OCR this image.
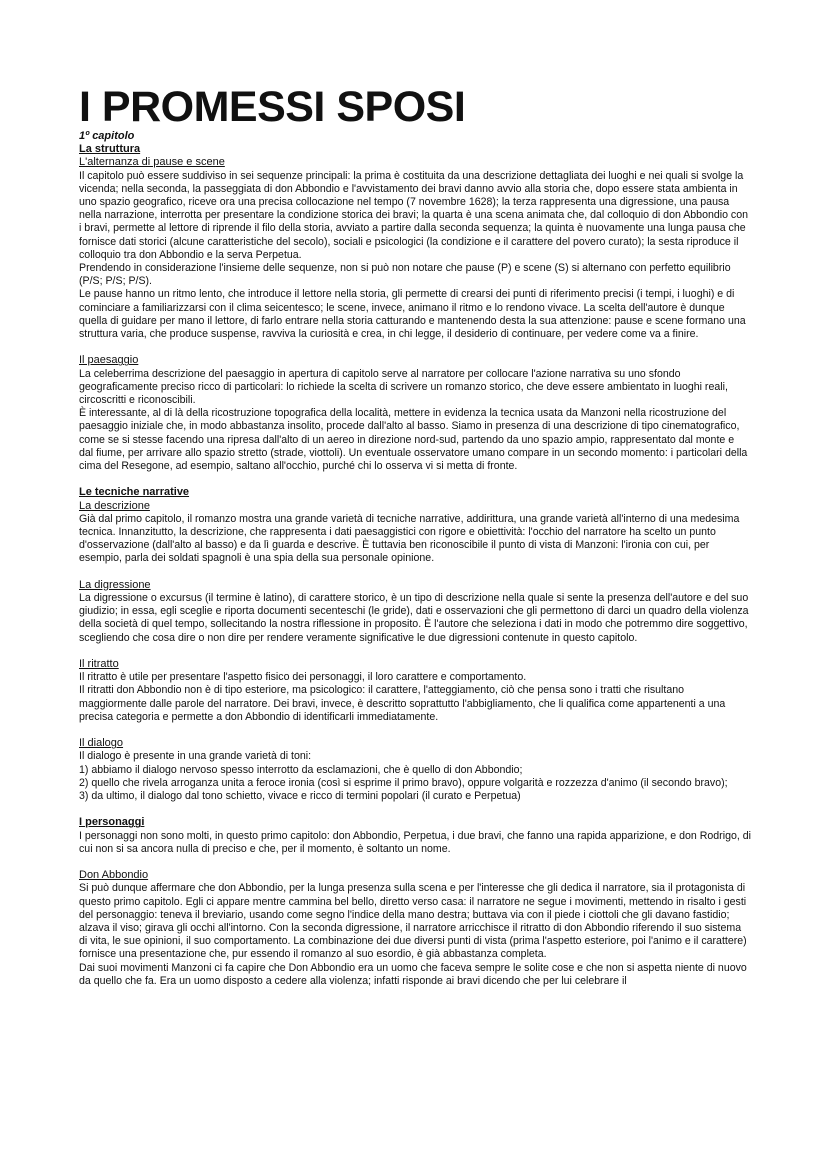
I PROMESSI SPOSI
1º capitolo
La struttura
L'alternanza di pause e scene

Il capitolo può essere suddiviso in sei sequenze principali: la prima è costituita da una descrizione dettagliata dei luoghi e nei quali si svolge la vicenda; nella seconda, la passeggiata di don Abbondio e l'avvistamento dei bravi danno avvio alla storia che, dopo essere stata ambienta in uno spazio geografico, riceve ora una precisa collocazione nel tempo (7 novembre 1628); la terza rappresenta una digressione, una pausa nella narrazione, interrotta per presentare la condizione storica dei bravi; la quarta è una scena animata che, dal colloquio di don Abbondio con i bravi, permette al lettore di riprende il filo della storia, avviato a partire dalla seconda sequenza; la quinta è nuovamente una lunga pausa che fornisce dati storici (alcune caratteristiche del secolo), sociali e psicologici (la condizione e il carattere del povero curato); la sesta riproduce il colloquio tra don Abbondio e la serva Perpetua.

Prendendo in considerazione l'insieme delle sequenze, non si può non notare che pause (P) e scene (S) si alternano con perfetto equilibrio (P/S; P/S; P/S).

Le pause hanno un ritmo lento, che introduce il lettore nella storia, gli permette di crearsi dei punti di riferimento precisi (i tempi, i luoghi) e di cominciare a familiarizzarsi con il clima seicentesco; le scene, invece, animano il ritmo e lo rendono vivace. La scelta dell'autore è dunque quella di guidare per mano il lettore, di farlo entrare nella storia catturando e mantenendo desta la sua attenzione: pause e scene formano una struttura varia, che produce suspense, ravviva la curiosità e crea, in chi legge, il desiderio di continuare, per vedere come va a finire.

Il paesaggio

La celeberrima descrizione del paesaggio in apertura di capitolo serve al narratore per collocare l'azione narrativa su uno sfondo geograficamente preciso ricco di particolari: lo richiede la scelta di scrivere un romanzo storico, che deve essere ambientato in luoghi reali, circoscritti e riconoscibili.

È interessante, al di là della ricostruzione topografica della località, mettere in evidenza la tecnica usata da Manzoni nella ricostruzione del paesaggio iniziale che, in modo abbastanza insolito, procede dall'alto al basso. Siamo in presenza di una descrizione di tipo cinematografico, come se si stesse facendo una ripresa dall'alto di un aereo in direzione nord-sud, partendo da uno spazio ampio, rappresentato dal monte e dal fiume, per arrivare allo spazio stretto (strade, viottoli). Un eventuale osservatore umano compare in un secondo momento: i particolari della cima del Resegone, ad esempio, saltano all'occhio, purché chi lo osserva vi si metta di fronte.

Le tecniche narrative
La descrizione

Già dal primo capitolo, il romanzo mostra una grande varietà di tecniche narrative, addirittura, una grande varietà all'interno di una medesima tecnica. Innanzitutto, la descrizione, che rappresenta i dati paesaggistici con rigore e obiettività: l'occhio del narratore ha scelto un punto d'osservazione (dall'alto al basso) e da lì guarda e descrive. È tuttavia ben riconoscibile il punto di vista di Manzoni: l'ironia con cui, per esempio, parla dei soldati spagnoli è una spia della sua personale opinione.

La digressione

La digressione o excursus (il termine è latino), di carattere storico, è un tipo di descrizione nella quale si sente la presenza dell'autore e del suo giudizio; in essa, egli sceglie e riporta documenti secenteschi (le gride), dati e osservazioni che gli permettono di darci un quadro della violenza della società di quel tempo, sollecitando la nostra riflessione in proposito. È l'autore che seleziona i dati in modo che potremmo dire soggettivo, scegliendo che cosa dire o non dire per rendere veramente significative le due digressioni contenute in questo capitolo.

Il ritratto

Il ritratto è utile per presentare l'aspetto fisico dei personaggi, il loro carattere e comportamento.

Il ritratti don Abbondio non è di tipo esteriore, ma psicologico: il carattere, l'atteggiamento, ciò che pensa sono i tratti che risultano maggiormente dalle parole del narratore. Dei bravi, invece, è descritto soprattutto l'abbigliamento, che li qualifica come appartenenti a una precisa categoria e permette a don Abbondio di identificarli immediatamente.

Il dialogo

Il dialogo è presente in una grande varietà di toni:

1) abbiamo il dialogo nervoso spesso interrotto da esclamazioni, che è quello di don Abbondio;

2) quello che rivela arroganza unita a feroce ironia (così si esprime il primo bravo), oppure volgarità e rozzezza d'animo (il secondo bravo);

3) da ultimo, il dialogo dal tono schietto, vivace e ricco di termini popolari (il curato e Perpetua)

I personaggi

I personaggi non sono molti, in questo primo capitolo: don Abbondio, Perpetua, i due bravi, che fanno una rapida apparizione, e don Rodrigo, di cui non si sa ancora nulla di preciso e che, per il momento, è soltanto un nome.

Don Abbondio

Si può dunque affermare che don Abbondio, per la lunga presenza sulla scena e per l'interesse che gli dedica il narratore, sia il protagonista di questo primo capitolo. Egli ci appare mentre cammina bel bello, diretto verso casa: il narratore ne segue i movimenti, mettendo in risalto i gesti del personaggio: teneva il breviario, usando come segno l'indice della mano destra; buttava via con il piede i ciottoli che gli davano fastidio; alzava il viso; girava gli occhi all'intorno. Con la seconda digressione, il narratore arricchisce il ritratto di don Abbondio riferendo il suo sistema di vita, le sue opinioni, il suo comportamento. La combinazione dei due diversi punti di vista (prima l'aspetto esteriore, poi l'animo e il carattere) fornisce una presentazione che, pur essendo il romanzo al suo esordio, è già abbastanza completa.

Dai suoi movimenti Manzoni ci fa capire che Don Abbondio era un uomo che faceva sempre le solite cose e che non si aspetta niente di nuovo da quello che fa. Era un uomo disposto a cedere alla violenza; infatti risponde ai bravi dicendo che per lui celebrare il
